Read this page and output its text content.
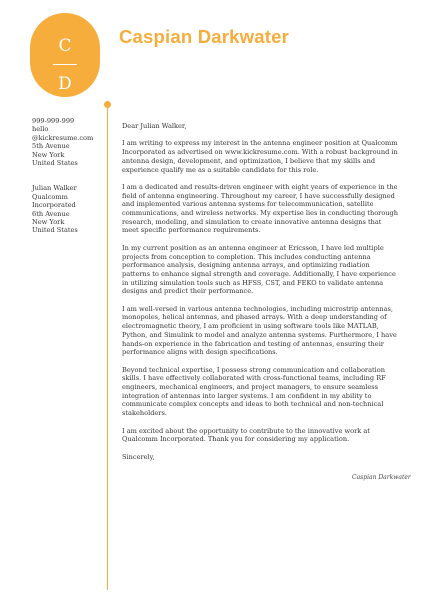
C
D
Caspian Darkwater
999-999-999
hello
@kickresume.com
5th Avenue
New York
United States
Julian Walker
Qualcomm
Incorporated
6th Avenue
New York
United States

Dear Julian Walker,

I am writing to express my interest in the antenna engineer position at Qualcomm Incorporated as advertised on www.kickresume.com. With a robust background in antenna design, development, and optimization, I believe that my skills and experience qualify me as a suitable candidate for this role.

I am a dedicated and results-driven engineer with eight years of experience in the field of antenna engineering. Throughout my career, I have successfully designed and implemented various antenna systems for telecommunication, satellite communications, and wireless networks. My expertise lies in conducting thorough research, modeling, and simulation to create innovative antenna designs that meet specific performance requirements.

In my current position as an antenna engineer at Ericsson, I have led multiple projects from conception to completion. This includes conducting antenna performance analysis, designing antenna arrays, and optimizing radiation patterns to enhance signal strength and coverage. Additionally, I have experience in utilizing simulation tools such as HFSS, CST, and FEKO to validate antenna designs and predict their performance.

I am well-versed in various antenna technologies, including microstrip antennas, monopoles, helical antennas, and phased arrays. With a deep understanding of electromagnetic theory, I am proficient in using software tools like MATLAB, Python, and Simulink to model and analyze antenna systems. Furthermore, I have hands-on experience in the fabrication and testing of antennas, ensuring their performance aligns with design specifications.

Beyond technical expertise, I possess strong communication and collaboration skills. I have effectively collaborated with cross-functional teams, including RF engineers, mechanical engineers, and project managers, to ensure seamless integration of antennas into larger systems. I am confident in my ability to communicate complex concepts and ideas to both technical and non-technical stakeholders.

I am excited about the opportunity to contribute to the innovative work at Qualcomm Incorporated. Thank you for considering my application.

Sincerely,

Caspian Darkwater
